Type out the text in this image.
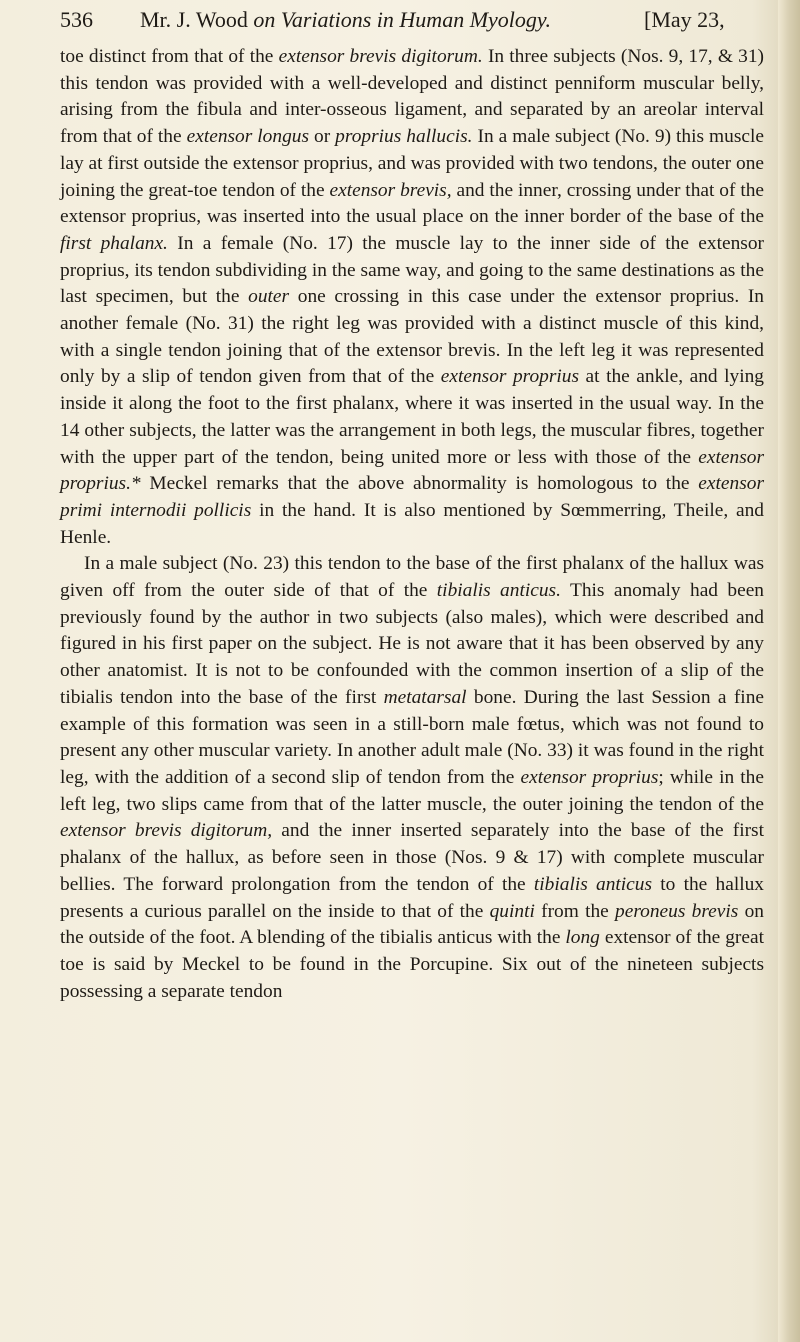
536 Mr. J. Wood on Variations in Human Myology.	[May 23,

toe distinct from that of the extensor brevis digitorum. In three subjects (Nos. 9, 17, & 31) this tendon was provided with a well-developed and distinct penniform muscular belly, arising from the fibula and inter-osseous ligament, and separated by an areolar interval from that of the extensor longus or proprius hallucis. In a male subject (No. 9) this muscle lay at first outside the extensor proprius, and was provided with two tendons, the outer one joining the great-toe tendon of the extensor brevis, and the inner, crossing under that of the extensor proprius, was inserted into the usual place on the inner border of the base of the first phalanx. In a female (No. 17) the muscle lay to the inner side of the extensor proprius, its tendon subdividing in the same way, and going to the same destinations as the last specimen, but the outer one crossing in this case under the extensor proprius. In another female (No. 31) the right leg was provided with a distinct muscle of this kind, with a single tendon joining that of the extensor brevis. In the left leg it was represented only by a slip of tendon given from that of the extensor proprius at the ankle, and lying inside it along the foot to the first phalanx, where it was inserted in the usual way. In the 14 other subjects, the latter was the arrangement in both legs, the muscular fibres, together with the upper part of the tendon, being united more or less with those of the extensor proprius.* Meckel remarks that the above abnormality is homologous to the extensor primi internodii pollicis in the hand. It is also mentioned by Sœmmerring, Theile, and Henle.

In a male subject (No. 23) this tendon to the base of the first phalanx of the hallux was given off from the outer side of that of the tibialis anticus. This anomaly had been previously found by the author in two subjects (also males), which were described and figured in his first paper on the subject. He is not aware that it has been observed by any other anatomist. It is not to be confounded with the common insertion of a slip of the tibialis tendon into the base of the first metatarsal bone. During the last Session a fine example of this formation was seen in a still-born male fœtus, which was not found to present any other muscular variety. In another adult male (No. 33) it was found in the right leg, with the addition of a second slip of tendon from the extensor proprius; while in the left leg, two slips came from that of the latter muscle, the outer joining the tendon of the extensor brevis digitorum, and the inner inserted separately into the base of the first phalanx of the hallux, as before seen in those (Nos. 9 & 17) with complete muscular bellies. The forward prolongation from the tendon of the tibialis anticus to the hallux presents a curious parallel on the inside to that of the quinti from the peroneus brevis on the outside of the foot. A blending of the tibialis anticus with the long extensor of the great toe is said by Meckel to be found in the Porcupine. Six out of the nineteen subjects possessing a separate tendon
